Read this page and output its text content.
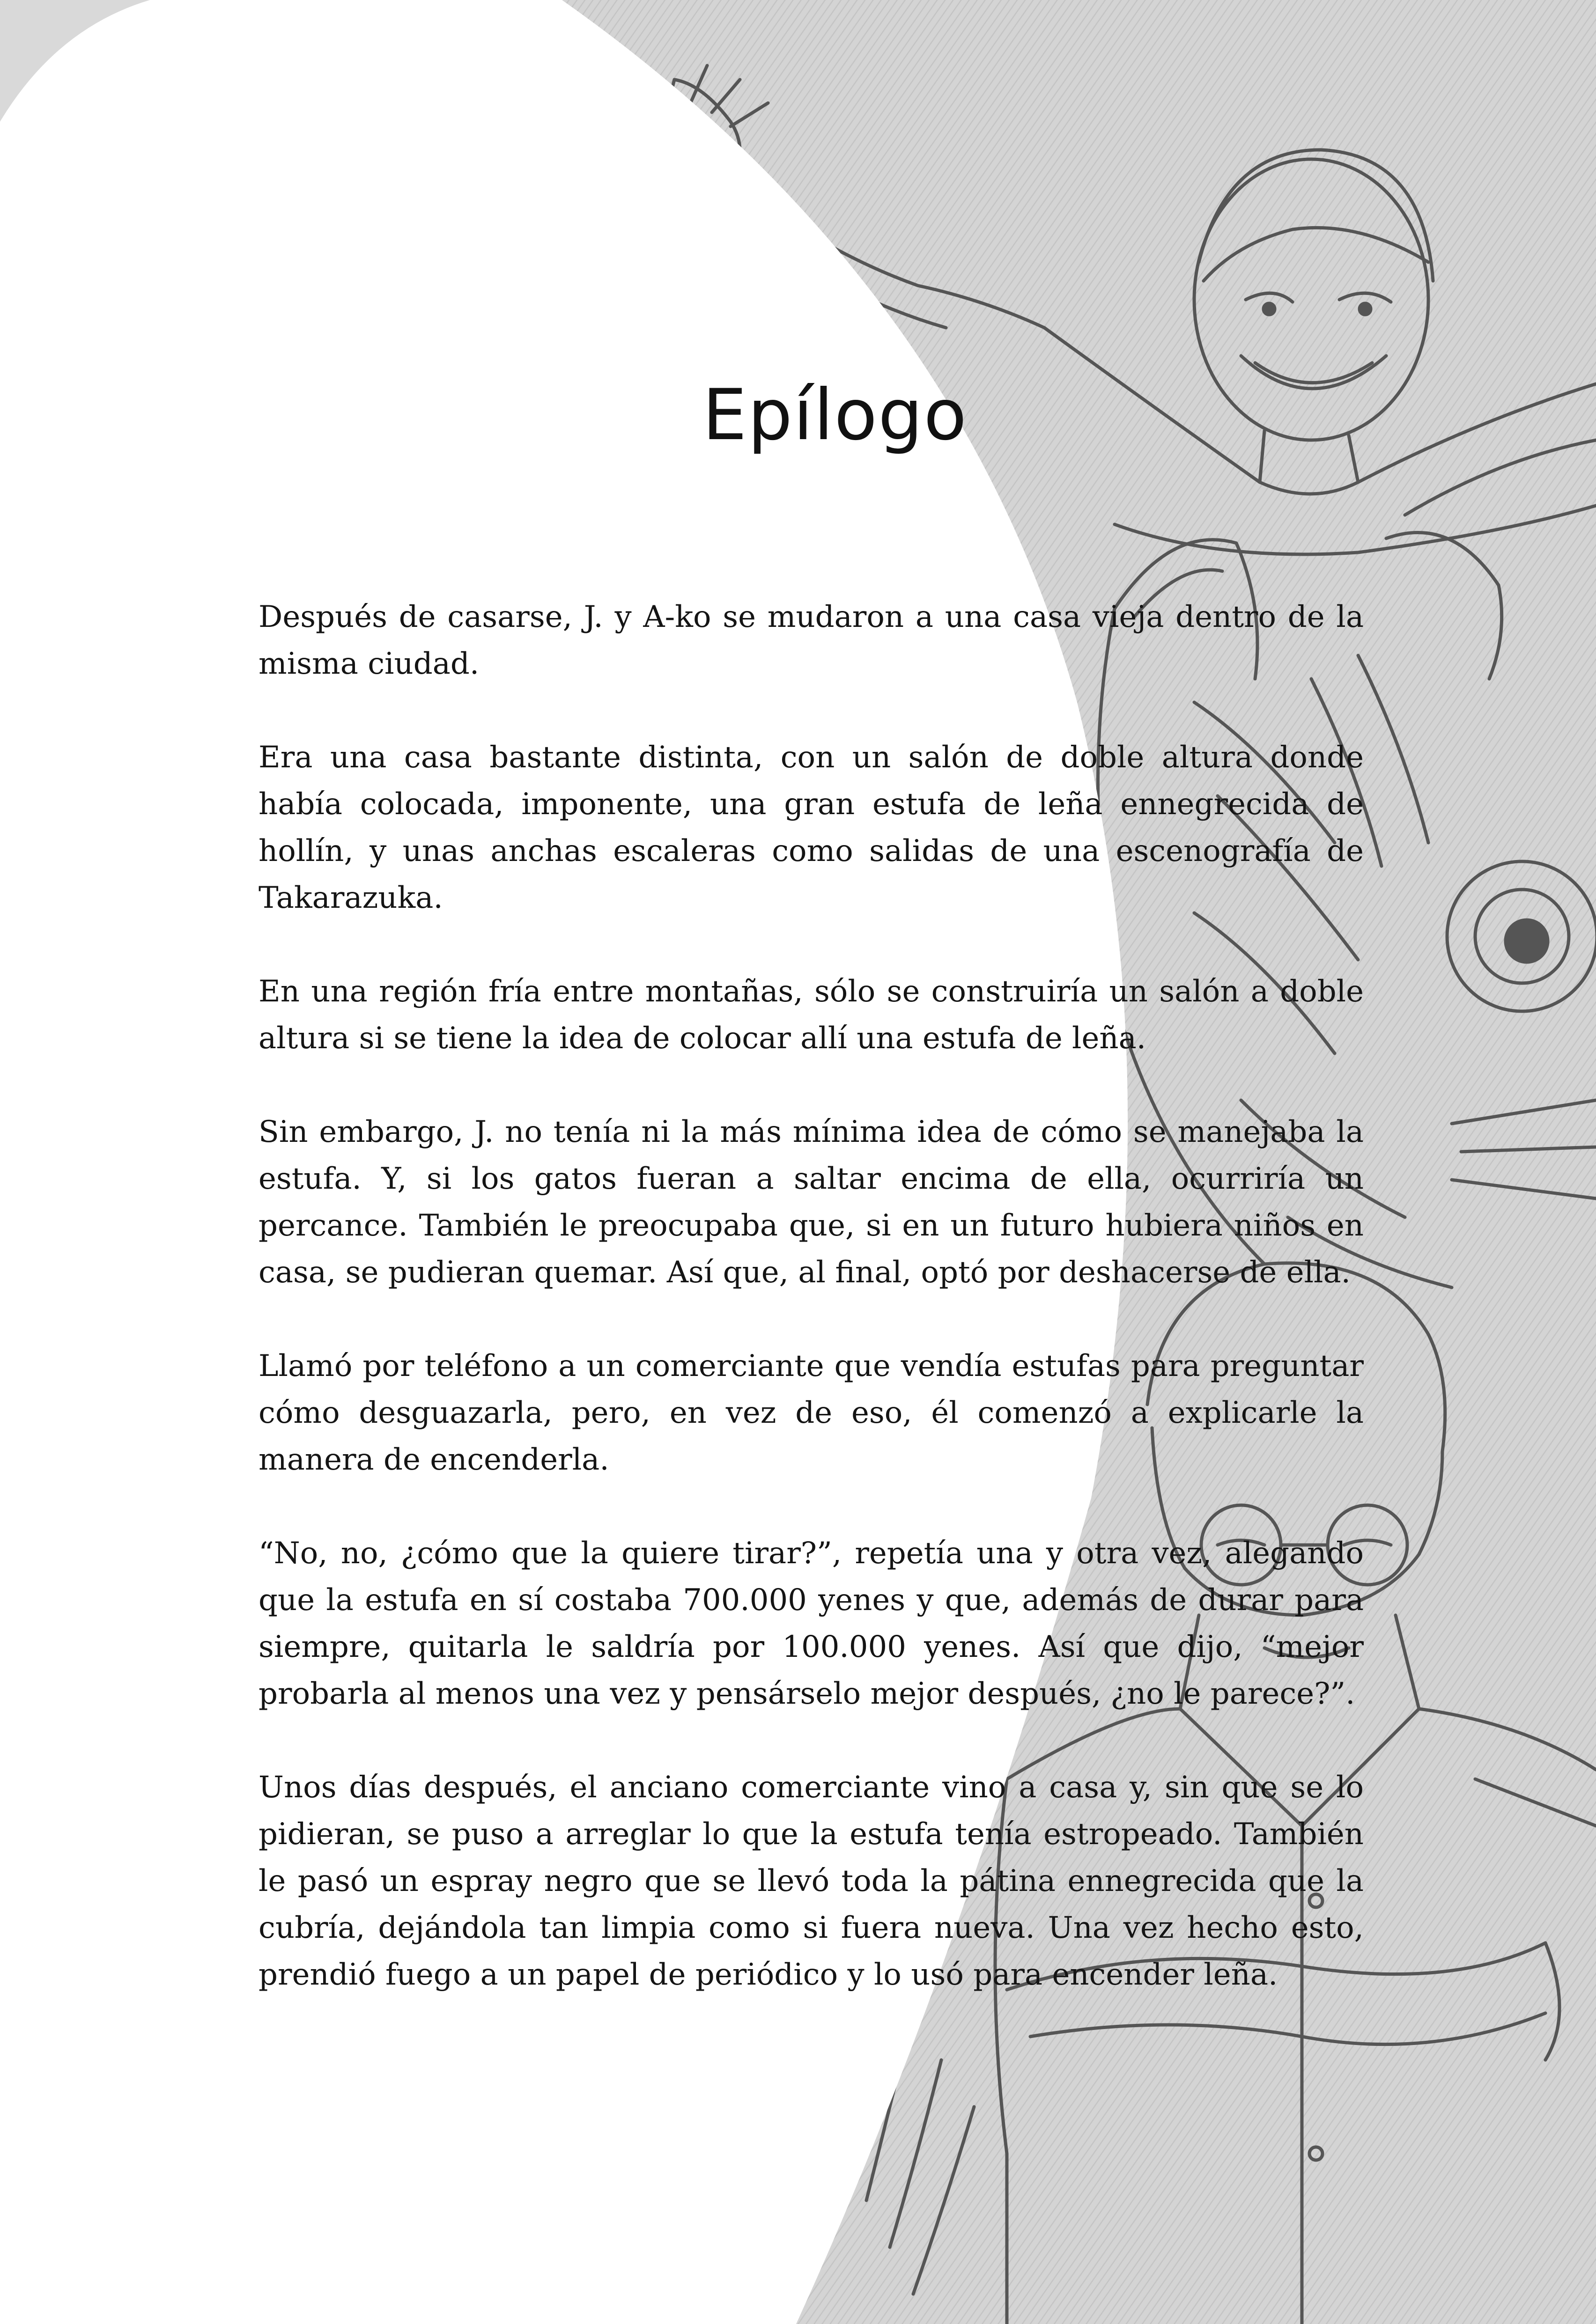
Epílogo

Después de casarse, J. y A-ko se mudaron a una casa vieja dentro de la misma ciudad.

Era una casa bastante distinta, con un salón de doble altura donde había colocada, imponente, una gran estufa de leña ennegrecida de hollín, y unas anchas escaleras como salidas de una escenografía de Takarazuka.

En una región fría entre montañas, sólo se construiría un salón a doble altura si se tiene la idea de colocar allí una estufa de leña.

Sin embargo, J. no tenía ni la más mínima idea de cómo se manejaba la estufa. Y, si los gatos fueran a saltar encima de ella, ocurriría un percance. También le preocupaba que, si en un futuro hubiera niños en casa, se pudieran quemar. Así que, al final, optó por deshacerse de ella.

Llamó por teléfono a un comerciante que vendía estufas para preguntar cómo desguazarla, pero, en vez de eso, él comenzó a explicarle la manera de encenderla.

“No, no, ¿cómo que la quiere tirar?”, repetía una y otra vez, alegando que la estufa en sí costaba 700.000 yenes y que, además de durar para siempre, quitarla le saldría por 100.000 yenes. Así que dijo, “mejor probarla al menos una vez y pensárselo mejor después, ¿no le parece?”.

Unos días después, el anciano comerciante vino a casa y, sin que se lo pidieran, se puso a arreglar lo que la estufa tenía estropeado. También le pasó un espray negro que se llevó toda la pátina ennegrecida que la cubría, dejándola tan limpia como si fuera nueva. Una vez hecho esto, prendió fuego a un papel de periódico y lo usó para encender leña.
